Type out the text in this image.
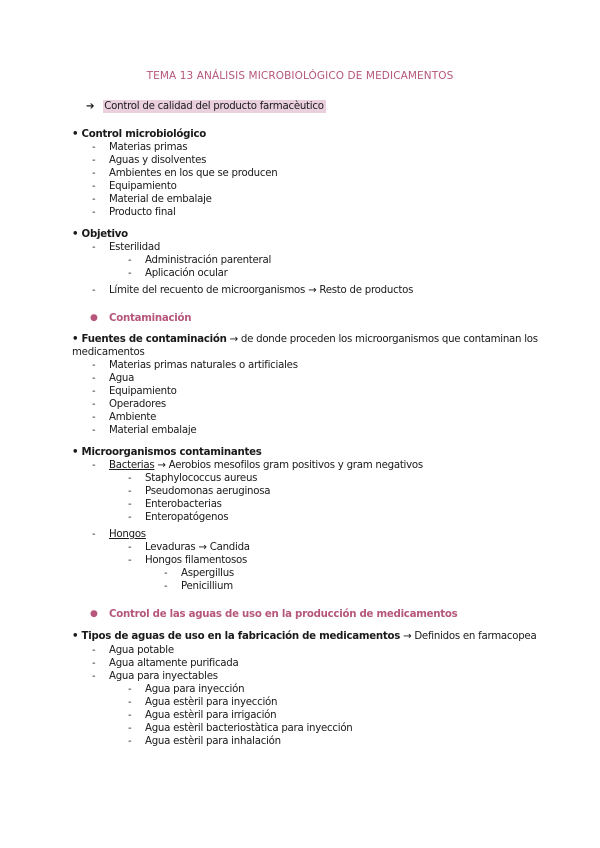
TEMA 13 ANÁLISIS MICROBIOLÓGICO DE MEDICAMENTOS
➔ Control de calidad del producto farmacèutico
• Control microbiológico
- Materias primas
- Aguas y disolventes
- Ambientes en los que se producen
- Equipamiento
- Material de embalaje
- Producto final
• Objetivo
- Esterilidad
- Administración parenteral
- Aplicación ocular
- Límite del recuento de microorganismos → Resto de productos
● Contaminación
• Fuentes de contaminación → de donde proceden los microorganismos que contaminan los
medicamentos
- Materias primas naturales o artificiales
- Agua
- Equipamiento
- Operadores
- Ambiente
- Material embalaje
• Microorganismos contaminantes
- Bacterias → Aerobios mesofilos gram positivos y gram negativos
- Staphylococcus aureus
- Pseudomonas aeruginosa
- Enterobacterias
- Enteropatógenos
- Hongos
- Levaduras → Candida
- Hongos filamentosos
- Aspergillus
- Penicillium
● Control de las aguas de uso en la producción de medicamentos
• Tipos de aguas de uso en la fabricación de medicamentos → Definidos en farmacopea
- Agua potable
- Agua altamente purificada
- Agua para inyectables
- Agua para inyección
- Agua estèril para inyección
- Agua estèril para irrigación
- Agua estèril bacteriostàtica para inyección
- Agua estèril para inhalación
